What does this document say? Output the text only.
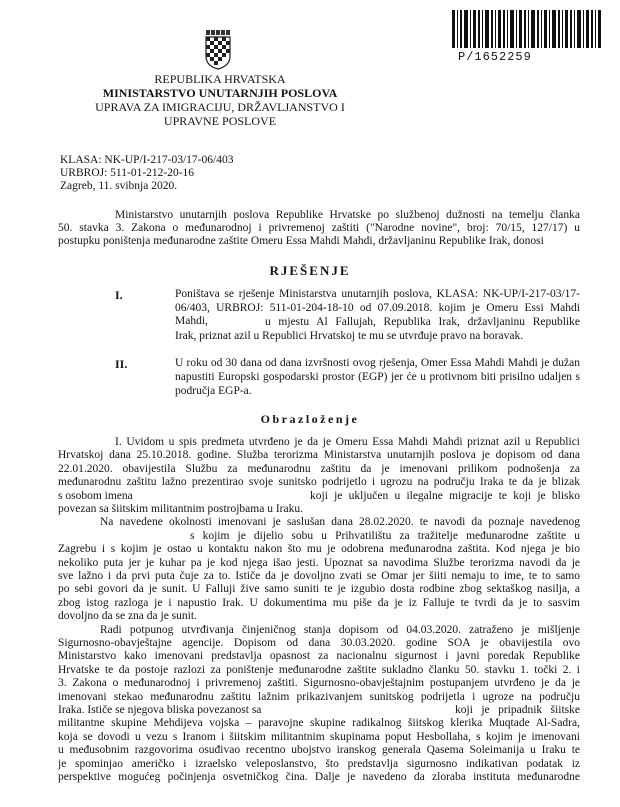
P/1652259
REPUBLIKA HRVATSKA
MINISTARSTVO UNUTARNJIH POSLOVA
UPRAVA ZA IMIGRACIJU, DRŽAVLJANSTVO I
UPRAVNE POSLOVE
KLASA: NK-UP/I-217-03/17-06/403
URBROJ: 511-01-212-20-16
Zagreb, 11. svibnja 2020.
Ministarstvo unutarnjih poslova Republike Hrvatske po službenoj dužnosti na temelju članka
50. stavka 3. Zakona o međunarodnoj i privremenoj zaštiti ("Narodne novine", broj: 70/15, 127/17) u
postupku poništenja međunarodne zaštite Omeru Essa Mahdi Mahdi, državljaninu Republike Irak, donosi
RJEŠENJE
I.	Poništava se rješenje Ministarstva unutarnjih poslova, KLASA: NK-UP/I-217-03/17-
06/403, URBROJ: 511-01-204-18-10 od 07.09.2018. kojim je Omeru Essi Mahdi Mahdi,	u mjestu Al Fallujah, Republika Irak, državljaninu Republike
Irak, priznat azil u Republici Hrvatskoj te mu se utvrđuje pravo na boravak.
II.	U roku od 30 dana od dana izvršnosti ovog rješenja, Omer Essa Mahdi Mahdi je dužan
napustiti Europski gospodarski prostor (EGP) jer će u protivnom biti prisilno udaljen s
područja EGP-a.
Obrazloženje
I. Uvidom u spis predmeta utvrđeno je da je Omeru Essa Mahdi Mahdi priznat azil u Republici
Hrvatskoj dana 25.10.2018. godine. Služba terorizma Ministarstva unutarnjih poslova je dopisom od dana
22.01.2020. obavijestila Službu za međunarodnu zaštitu da je imenovani prilikom podnošenja za
međunarodnu zaštitu lažno prezentirao svoje sunitsko podrijetlo i ugrozu na području Iraka te da je blizak
s osobom imena	koji je uključen u ilegalne migracije te koji je blisko
povezan sa šiitskim militantnim postrojbama u Iraku.
Na navedene okolnosti imenovani je saslušan dana 28.02.2020. te navodi da poznaje navedenog
s kojim je dijelio sobu u Prihvatilištu za tražitelje međunarodne zaštite u
Zagrebu i s kojim je ostao u kontaktu nakon što mu je odobrena međunarodna zaštita. Kod njega je bio
nekoliko puta jer je kuhar pa je kod njega išao jesti. Upoznat sa navodima Službe terorizma navodi da je
sve lažno i da prvi puta čuje za to. Ističe da je dovoljno zvati se Omar jer šiiti nemaju to ime, te to samo
po sebi govori da je sunit. U Falluji žive samo suniti te je izgubio dosta rodbine zbog sektaškog nasilja, a
zbog istog razloga je i napustio Irak. U dokumentima mu piše da je iz Falluje te tvrdi da je to sasvim
dovoljno da se zna da je sunit.
Radi potpunog utvrđivanja činjeničnog stanja dopisom od 04.03.2020. zatraženo je mišljenje
Sigurnosno-obavještajne agencije. Dopisom od dana 30.03.2020. godine SOA je obavijestila ovo
Ministarstvo kako imenovani predstavlja opasnost za nacionalnu sigurnost i javni poredak Republike
Hrvatske te da postoje razlozi za poništenje međunarodne zaštite sukladno članku 50. stavku 1. točki 2. i
3. Zakona o međunarodnoj i privremenoj zaštiti. Sigurnosno-obavještajnim postupanjem utvrđeno je da je
imenovani stekao međunarodnu zaštitu lažnim prikazivanjem sunitskog podrijetla i ugroze na području
Iraka. Ističe se njegova bliska povezanost sa	koji je pripadnik šiitske
militantne skupine Mehdijeva vojska – paravojne skupine radikalnog šiitskog klerika Muqtade Al-Sadra,
koja se dovodi u vezu s Iranom i šiitskim militantnim skupinama poput Hesbollaha, s kojim je imenovani
u međusobnim razgovorima osuđivao recentno ubojstvo iranskog generala Qasema Soleimanija u Iraku te
je spominjao američko i izraelsko veleposlanstvo, što predstavlja sigurnosno indikativan podatak iz
perspektive mogućeg počinjenja osvetničkog čina. Dalje je navedeno da zloraba instituta međunarodne
